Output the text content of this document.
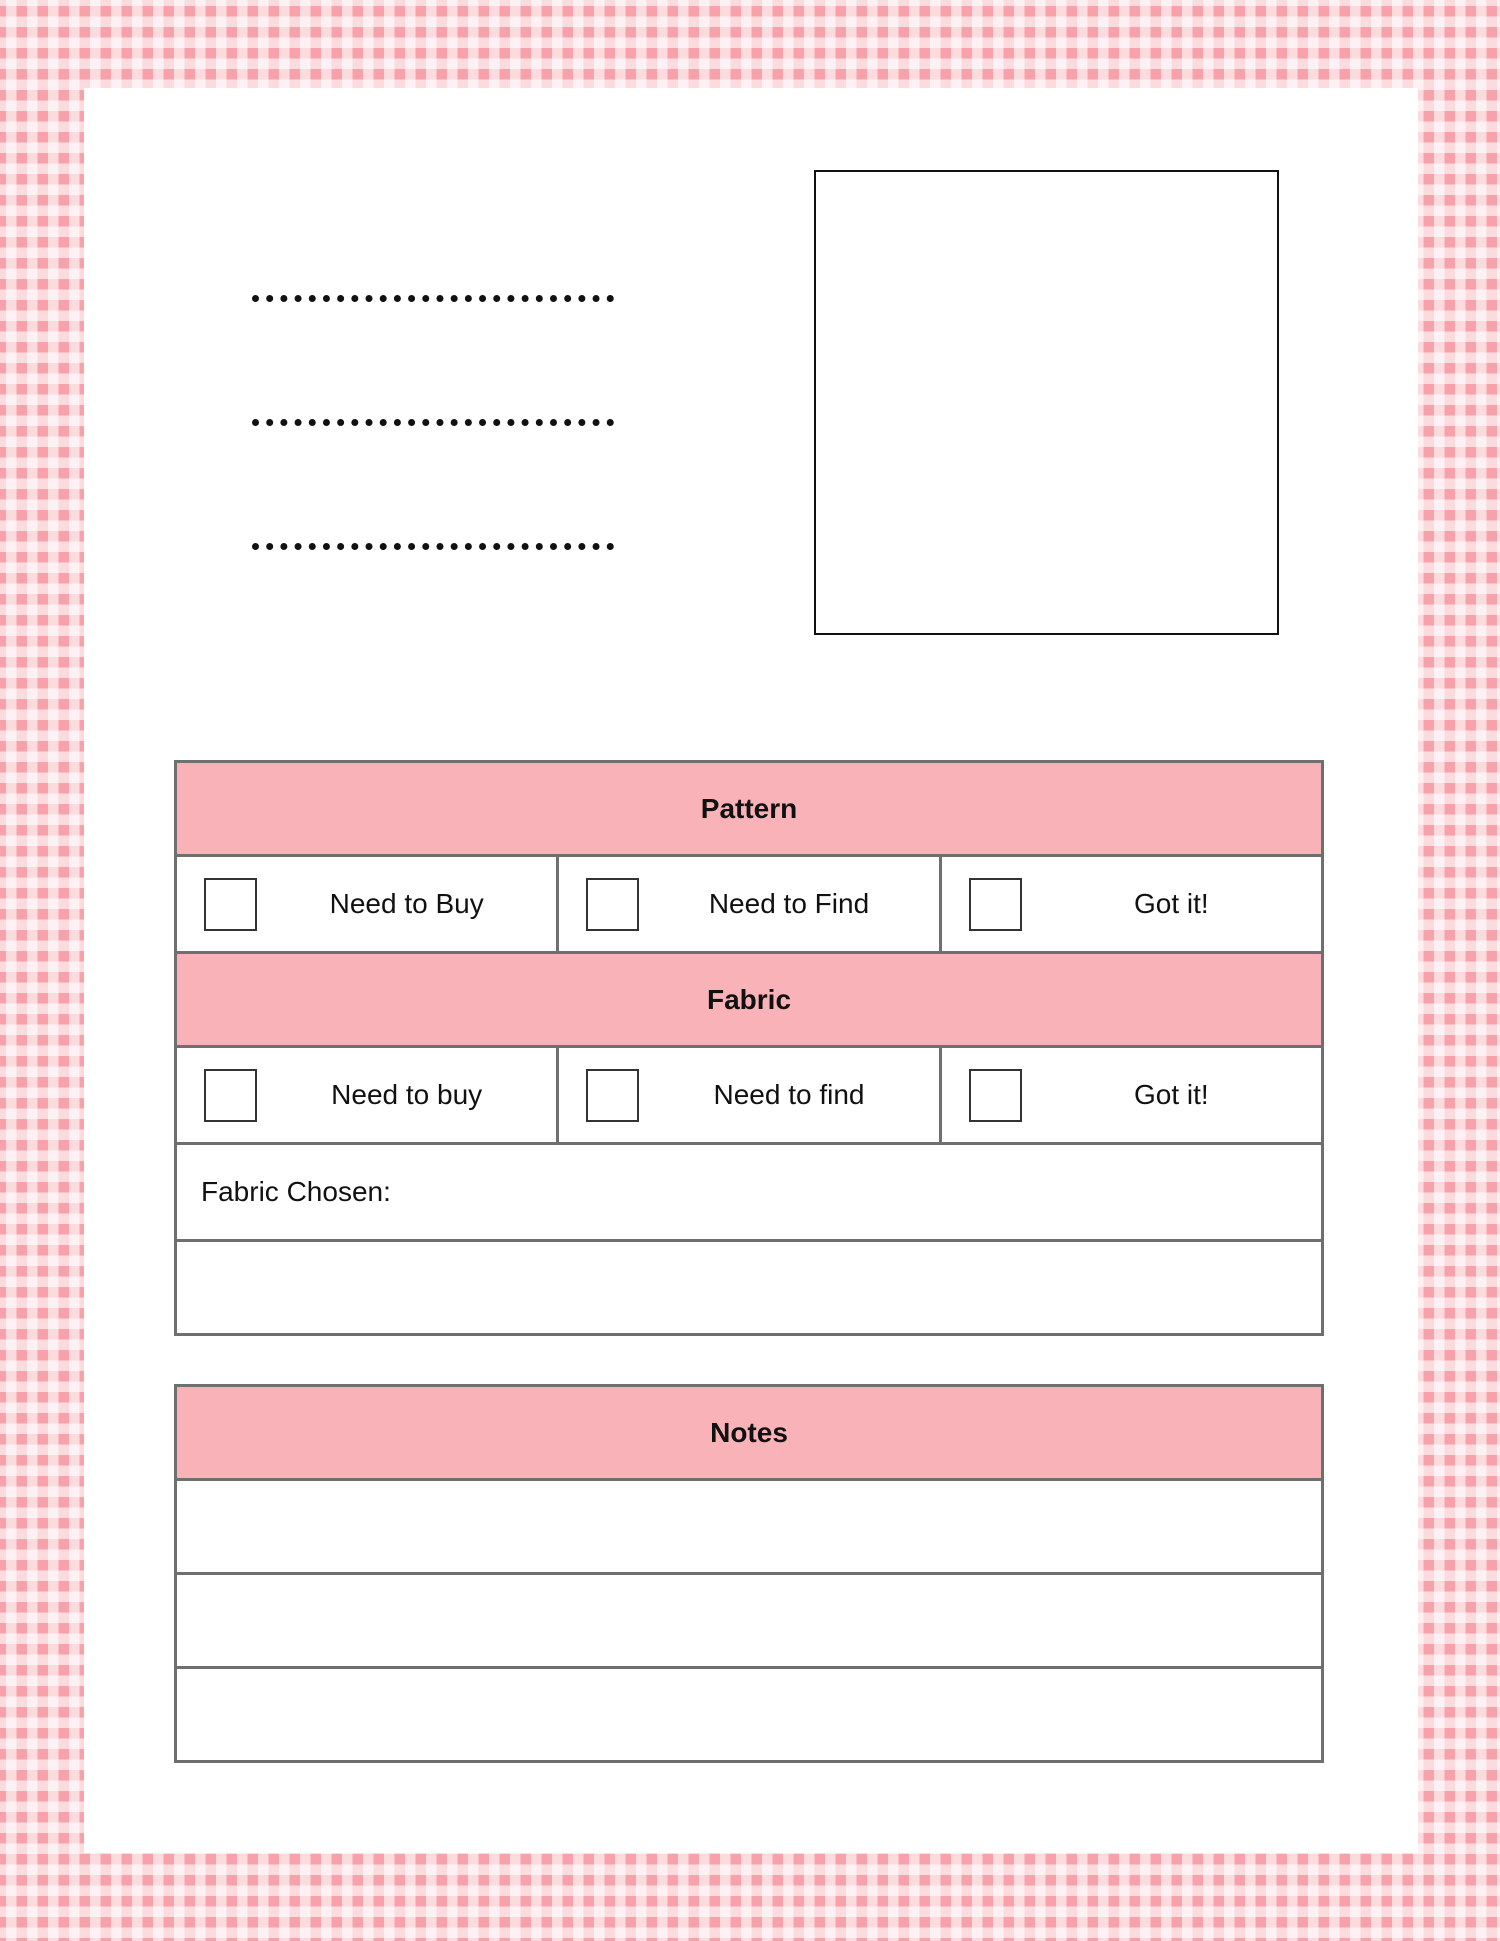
Pattern		

Need to Buy	Need to Find	Got it!

Fabric		

Need to buy	Need to find	Got it!

Fabric Chosen:		

Notes
